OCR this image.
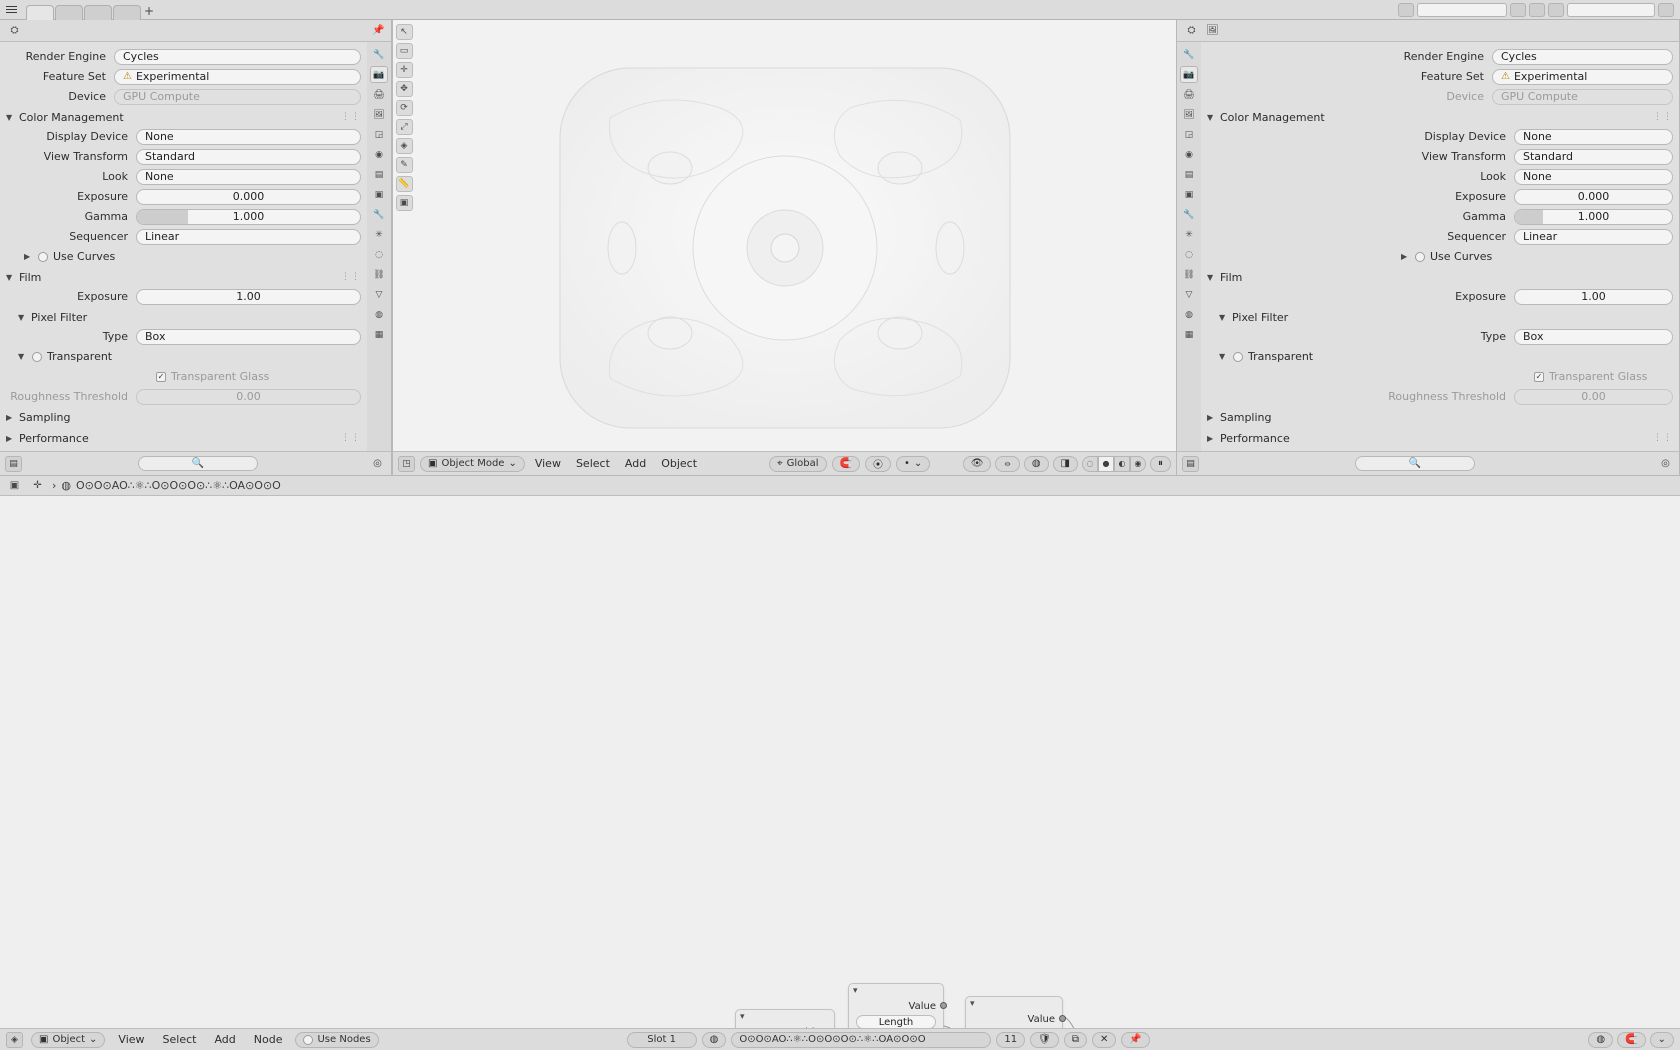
+
⛭	📌
🔧
📷
🖨
🖼
◲
◉
▤
▣
🔧
✳
◌
⛓
▽
◍
▦
Render Engine	Cycles
Feature Set	⚠ Experimental
Device	GPU Compute
▼ Color Management	⋮⋮
Display Device	None
View Transform	Standard
Look	None
Exposure	0.000
Gamma	1.000
Sequencer	Linear
▶ Use Curves
▼ Film	⋮⋮
Exposure	1.00
▼ Pixel Filter
Type	Box
▼ Transparent
✓ Transparent Glass
Roughness Threshold	0.00
▶ Sampling
▶ Performance	⋮⋮
▤	🔍	◎
↖
▭
✛
✥
⟳
⤢
◈
✎
📏
▣
◳	▣ Object Mode ⌄	View	Select	Add	Object	⌖ Global 🧲 ⦿ • ⌄	👁	⦵	◍	◨	◌	●	◐	◉	⏸
⛭	🖼
🔧
📷
🖨
🖼
◲
◉
▤
▣
🔧
✳
◌
⛓
▽
◍
▦
Render Engine	Cycles
Feature Set	⚠ Experimental
Device	GPU Compute
▼ Color Management	⋮⋮
Display Device	None
View Transform	Standard
Look	None
Exposure	0.000
Gamma	1.000
Sequencer	Linear
▶ Use Curves
▼ Film
Exposure	1.00
▼ Pixel Filter
Type	Box
▼ Transparent
✓ Transparent Glass
Roughness Threshold	0.00
▶ Sampling
▶ Performance	⋮⋮
▤	🔍	◎
▣	✛ › ◍ O⊙O⊙AO∴⚛∴O⊙O⊙O⊙∴⚛∴OA⊙O⊙O
▾
▾
Value
Length
▾
Value
◈	▣ Object ⌄	View	Select	Add	Node	Use Nodes	Slot 1	◍	O⊙O⊙AO∴⚛∴O⊙O⊙O⊙∴⚛∴OA⊙O⊙O	11	🛡	⧉	✕	📌	◍	🧲	⌄
